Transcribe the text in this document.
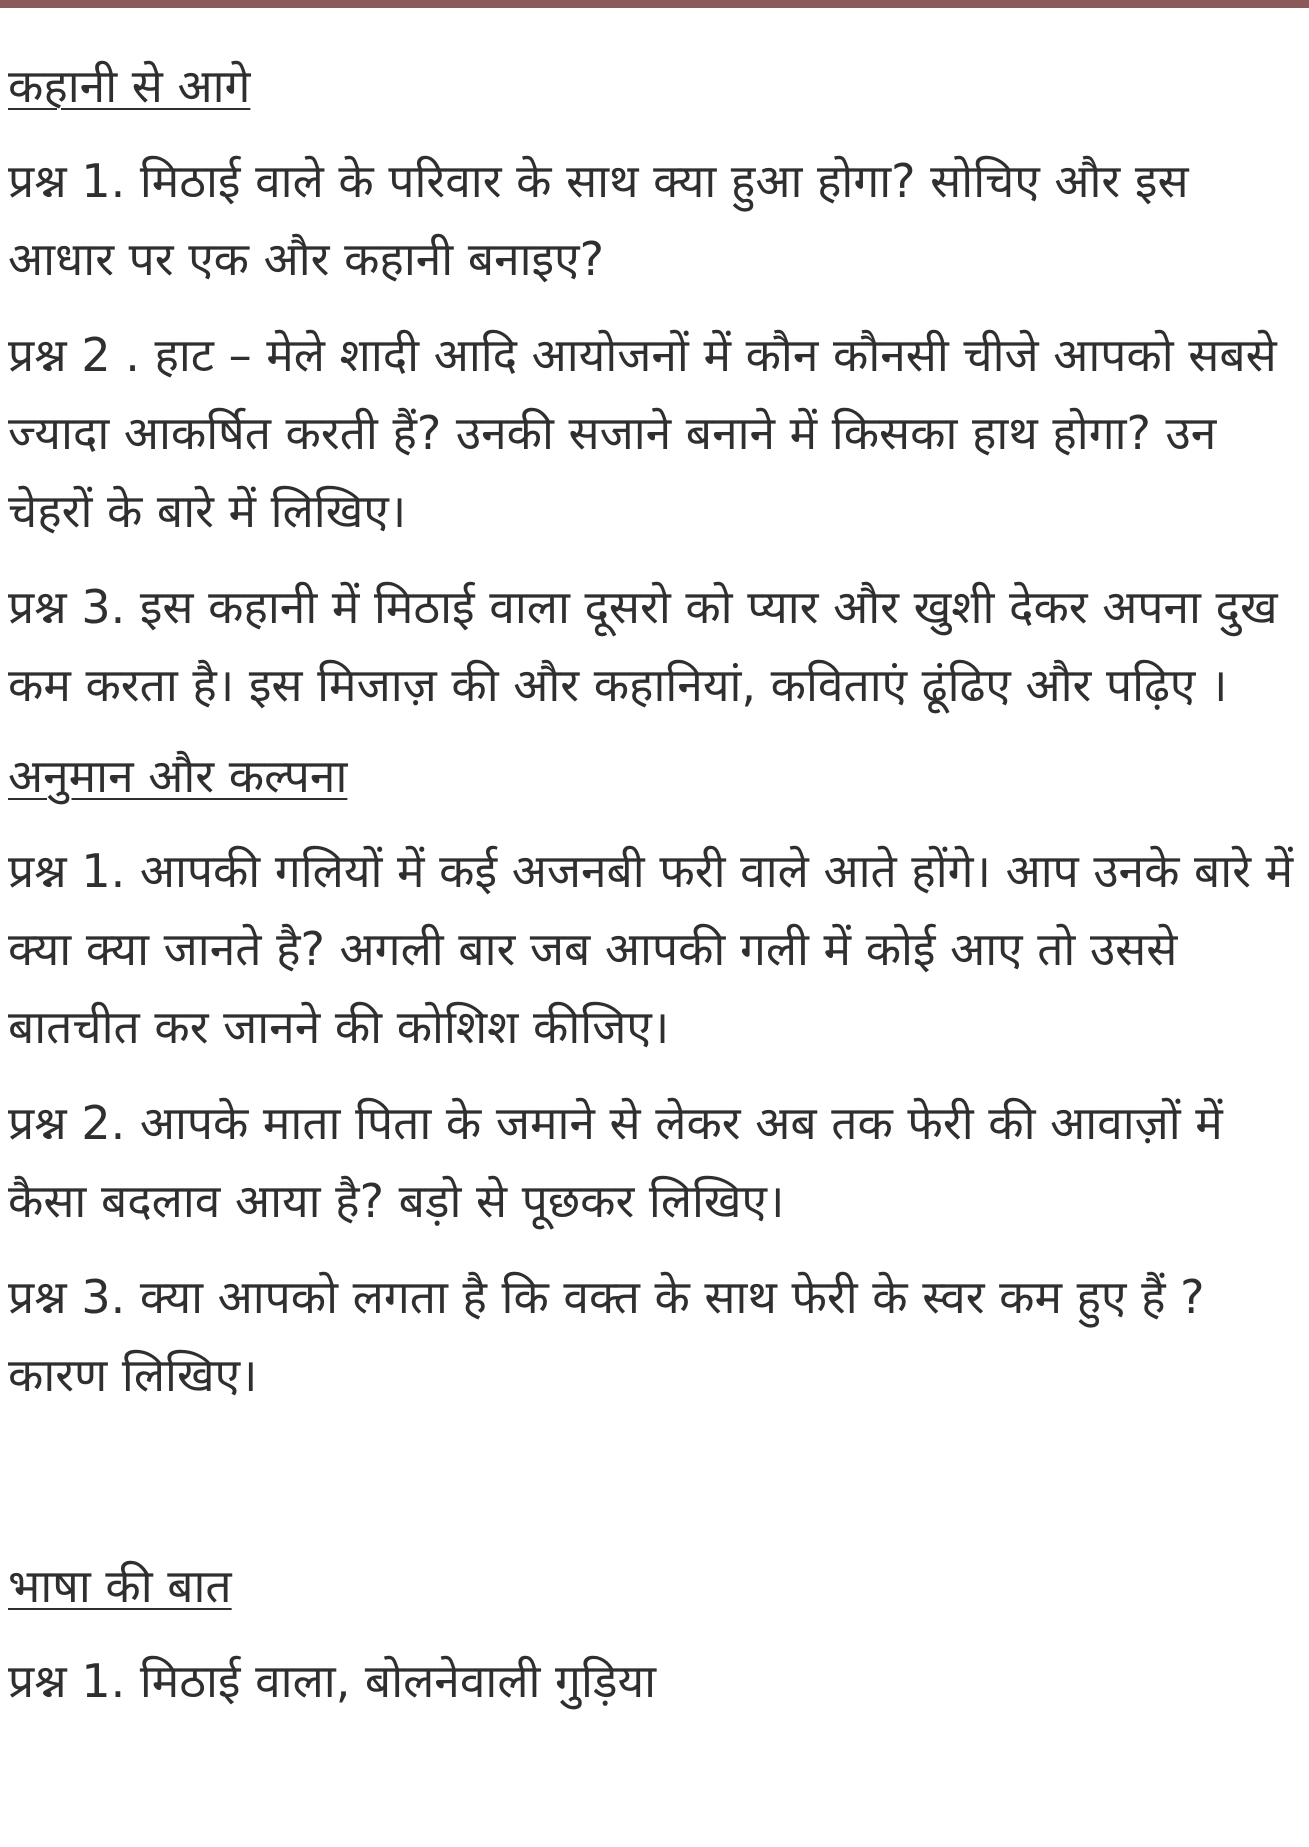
कहानी से आगे

प्रश्न 1. मिठाई वाले के परिवार के साथ क्या हुआ होगा? सोचिए और इस आधार पर एक और कहानी बनाइए?

प्रश्न 2 . हाट – मेले शादी आदि आयोजनों में कौन कौनसी चीजे आपको सबसे ज्यादा आकर्षित करती हैं? उनकी सजाने बनाने में किसका हाथ होगा? उन चेहरों के बारे में लिखिए।

प्रश्न 3. इस कहानी में मिठाई वाला दूसरो को प्यार और खुशी देकर अपना दुख कम करता है। इस मिजाज़ की और कहानियां, कविताएं ढूंढिए और पढ़िए ।

अनुमान और कल्पना

प्रश्न 1. आपकी गलियों में कई अजनबी फरी वाले आते होंगे। आप उनके बारे में क्या क्या जानते है? अगली बार जब आपकी गली में कोई आए तो उससे बातचीत कर जानने की कोशिश कीजिए।

प्रश्न 2. आपके माता पिता के जमाने से लेकर अब तक फेरी की आवाज़ों में कैसा बदलाव आया है? बड़ो से पूछकर लिखिए।

प्रश्न 3. क्या आपको लगता है कि वक्त के साथ फेरी के स्वर कम हुए हैं ? कारण लिखिए।

भाषा की बात

प्रश्न 1. मिठाई वाला, बोलनेवाली गुड़िया
